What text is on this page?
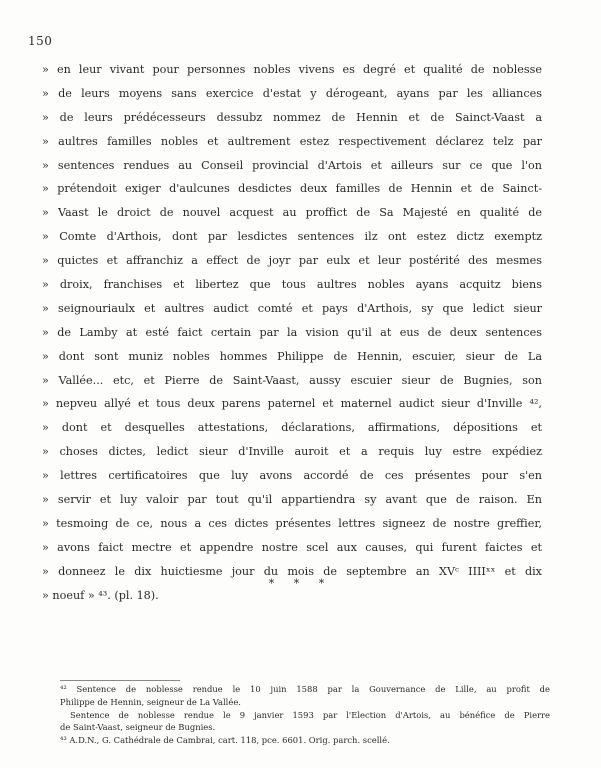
150
» en leur vivant pour personnes nobles vivens es degré et qualité de noblesse
» de leurs moyens sans exercice d'estat y dérogeant, ayans par les alliances
» de leurs prédécesseurs dessubz nommez de Hennin et de Sainct-Vaast a
» aultres familles nobles et aultrement estez respectivement déclarez telz par
» sentences rendues au Conseil provincial d'Artois et ailleurs sur ce que l'on
» prétendoit exiger d'aulcunes desdictes deux familles de Hennin et de Sainct-
» Vaast le droict de nouvel acquest au proffict de Sa Majesté en qualité de
» Comte d'Arthois, dont par lesdictes sentences ilz ont estez dictz exemptz
» quictes et affranchiz a effect de joyr par eulx et leur postérité des mesmes
» droix, franchises et libertez que tous aultres nobles ayans acquitz biens
» seignouriaulx et aultres audict comté et pays d'Arthois, sy que ledict sieur
» de Lamby at esté faict certain par la vision qu'il at eus de deux sentences
» dont sont muniz nobles hommes Philippe de Hennin, escuier, sieur de La
» Vallée... etc, et Pierre de Saint-Vaast, aussy escuier sieur de Bugnies, son
» nepveu allyé et tous deux parens paternel et maternel audict sieur d'Inville ⁴²,
» dont et desquelles attestations, déclarations, affirmations, dépositions et
» choses dictes, ledict sieur d'Inville auroit et a requis luy estre expédiez
» lettres certificatoires que luy avons accordé de ces présentes pour s'en
» servir et luy valoir par tout qu'il appartiendra sy avant que de raison. En
» tesmoing de ce, nous a ces dictes présentes lettres signeez de nostre greffier,
» avons faict mectre et appendre nostre scel aux causes, qui furent faictes et
» donneez le dix huictiesme jour du mois de septembre an XVᶜ IIIIˣˣ et dix
» noeuf » ⁴³. (pl. 18).
* * *
⁴² Sentence de noblesse rendue le 10 juin 1588 par la Gouvernance de Lille, au profit de
Philippe de Hennin, seigneur de La Vallée.
Sentence de noblesse rendue le 9 janvier 1593 par l'Election d'Artois, au bénéfice de Pierre
de Saint-Vaast, seigneur de Bugnies.
⁴³ A.D.N., G. Cathédrale de Cambrai, cart. 118, pce. 6601. Orig. parch. scellé.
